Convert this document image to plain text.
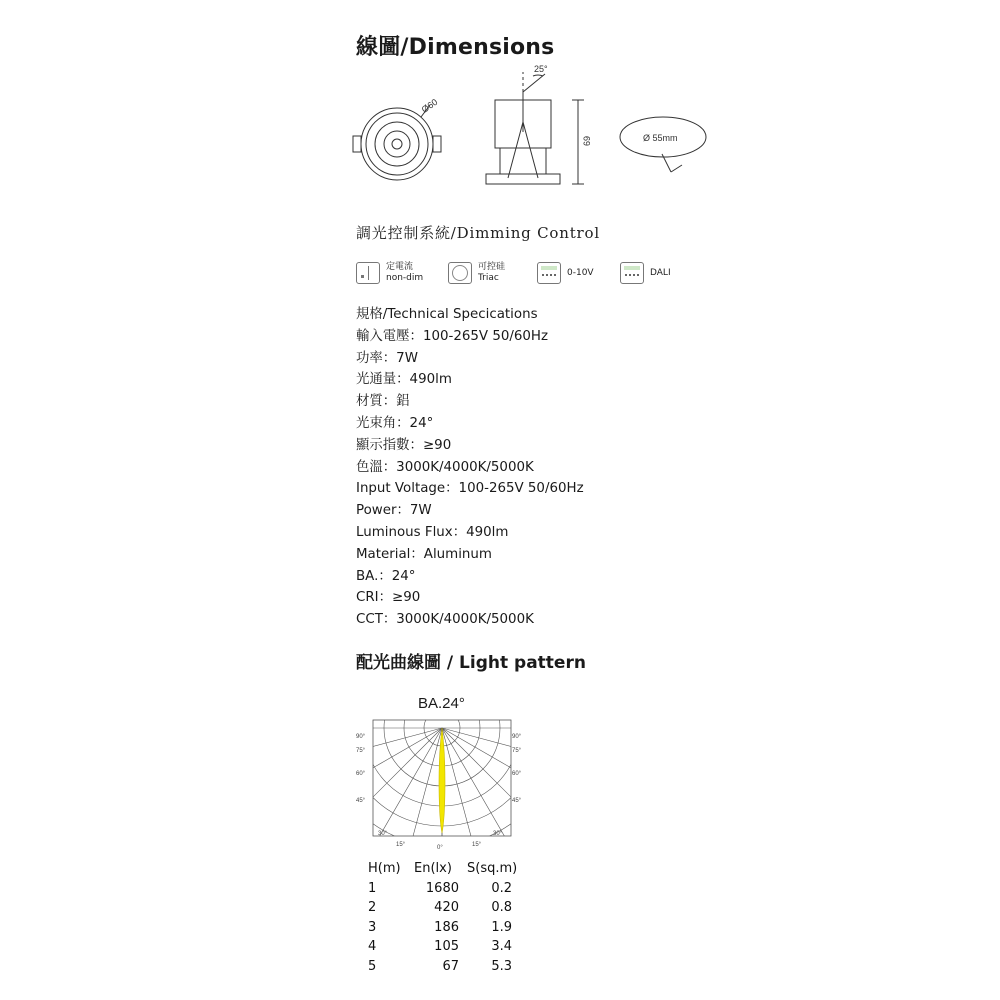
線圖/Dimensions
Ø60
25°
69	Ø 55mm
調光控制系統/Dimming Control
定電流
non-dim
可控硅
Triac	0-10V	DALI
規格/Technical Specications
輸入電壓：100-265V 50/60Hz
功率：7W
光通量：490lm
材質：鋁
光束角：24°
顯示指數：≥90
色溫：3000K/4000K/5000K
Input Voltage：100-265V 50/60Hz
Power：7W
Luminous Flux：490lm
Material：Aluminum
BA.：24°
CRI：≥90
CCT：3000K/4000K/5000K
配光曲線圖 / Light pattern
BA.24°
90°
75°
60°
45°
30°
15°
90°
75°
60°
45°
30°
15°
0°
H(m)	En(lx)	S(sq.m)
1	1680	0.2
2	420	0.8
3	186	1.9
4	105	3.4
5	67	5.3
